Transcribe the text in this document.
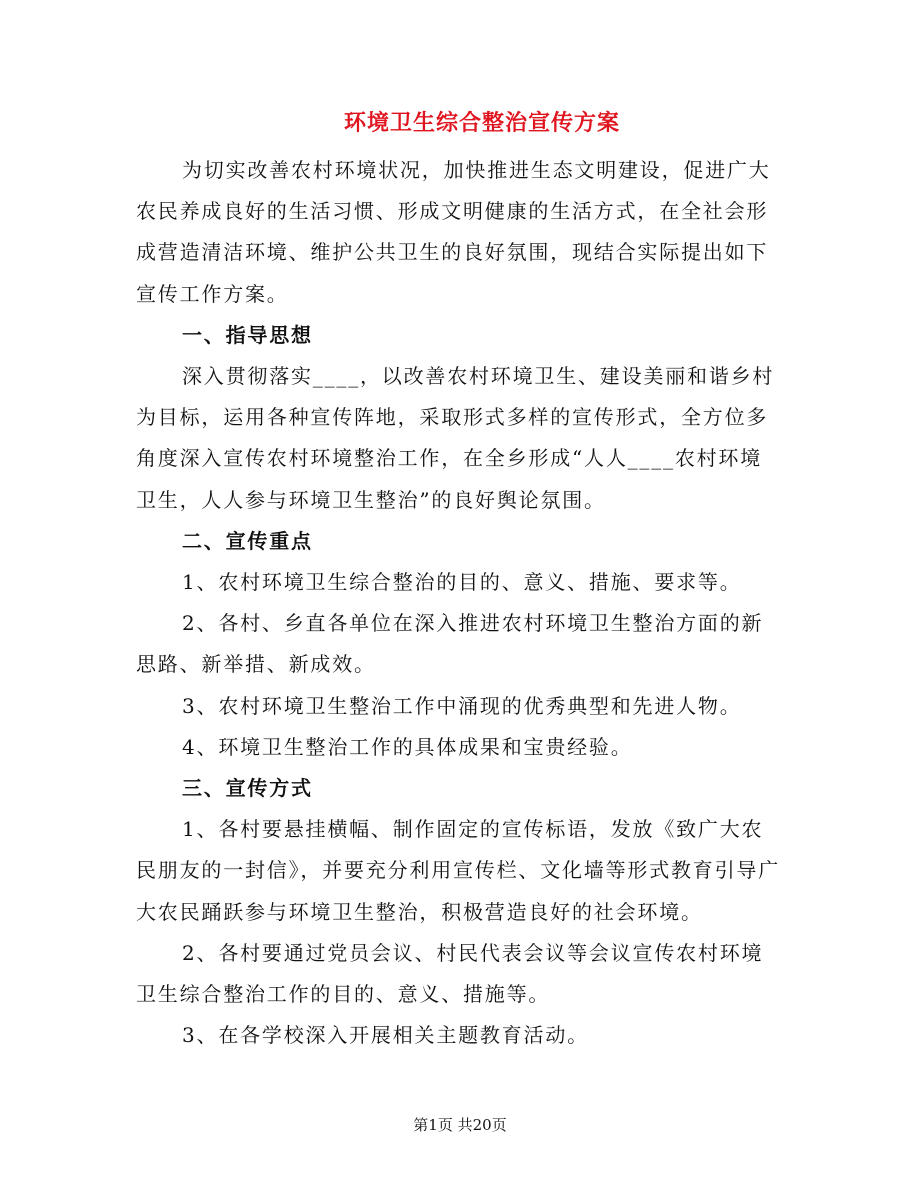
环境卫生综合整治宣传方案

为切实改善农村环境状况，加快推进生态文明建设，促进广大农民养成良好的生活习惯、形成文明健康的生活方式，在全社会形成营造清洁环境、维护公共卫生的良好氛围，现结合实际提出如下宣传工作方案。

一、指导思想

深入贯彻落实____，以改善农村环境卫生、建设美丽和谐乡村为目标，运用各种宣传阵地，采取形式多样的宣传形式，全方位多角度深入宣传农村环境整治工作，在全乡形成“人人____农村环境卫生，人人参与环境卫生整治”的良好舆论氛围。

二、宣传重点

1、农村环境卫生综合整治的目的、意义、措施、要求等。

2、各村、乡直各单位在深入推进农村环境卫生整治方面的新思路、新举措、新成效。

3、农村环境卫生整治工作中涌现的优秀典型和先进人物。

4、环境卫生整治工作的具体成果和宝贵经验。

三、宣传方式

1、各村要悬挂横幅、制作固定的宣传标语，发放《致广大农民朋友的一封信》，并要充分利用宣传栏、文化墙等形式教育引导广大农民踊跃参与环境卫生整治，积极营造良好的社会环境。

2、各村要通过党员会议、村民代表会议等会议宣传农村环境卫生综合整治工作的目的、意义、措施等。

3、在各学校深入开展相关主题教育活动。

第1页 共20页
